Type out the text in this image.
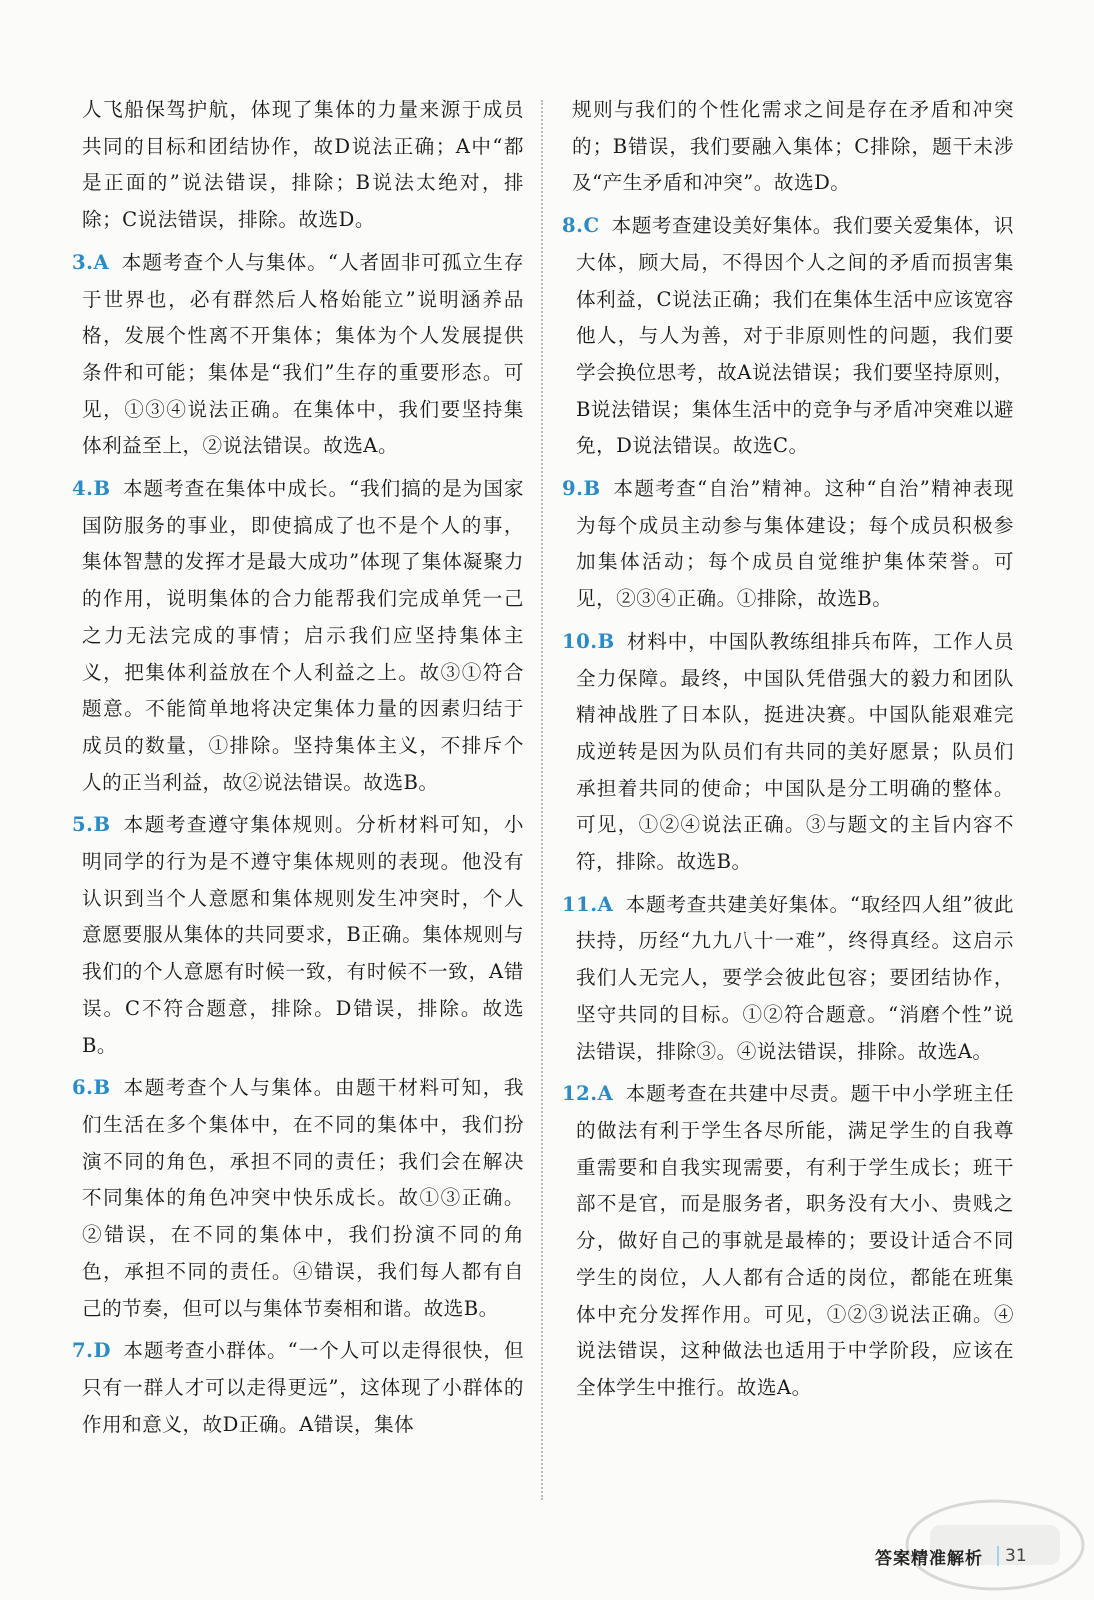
人飞船保驾护航，体现了集体的力量来源于成员共同的目标和团结协作，故D说法正确；A中“都是正面的”说法错误，排除；B说法太绝对，排除；C说法错误，排除。故选D。

3.A 本题考查个人与集体。“人者固非可孤立生存于世界也，必有群然后人格始能立”说明涵养品格，发展个性离不开集体；集体为个人发展提供条件和可能；集体是“我们”生存的重要形态。可见，①③④说法正确。在集体中，我们要坚持集体利益至上，②说法错误。故选A。

4.B 本题考查在集体中成长。“我们搞的是为国家国防服务的事业，即使搞成了也不是个人的事，集体智慧的发挥才是最大成功”体现了集体凝聚力的作用，说明集体的合力能帮我们完成单凭一己之力无法完成的事情；启示我们应坚持集体主义，把集体利益放在个人利益之上。故③①符合题意。不能简单地将决定集体力量的因素归结于成员的数量，①排除。坚持集体主义，不排斥个人的正当利益，故②说法错误。故选B。

5.B 本题考查遵守集体规则。分析材料可知，小明同学的行为是不遵守集体规则的表现。他没有认识到当个人意愿和集体规则发生冲突时，个人意愿要服从集体的共同要求，B正确。集体规则与我们的个人意愿有时候一致，有时候不一致，A错误。C不符合题意，排除。D错误，排除。故选B。

6.B 本题考查个人与集体。由题干材料可知，我们生活在多个集体中，在不同的集体中，我们扮演不同的角色，承担不同的责任；我们会在解决不同集体的角色冲突中快乐成长。故①③正确。②错误，在不同的集体中，我们扮演不同的角色，承担不同的责任。④错误，我们每人都有自己的节奏，但可以与集体节奏相和谐。故选B。

7.D 本题考查小群体。“一个人可以走得很快，但只有一群人才可以走得更远”，这体现了小群体的作用和意义，故D正确。A错误，集体

规则与我们的个性化需求之间是存在矛盾和冲突的；B错误，我们要融入集体；C排除，题干未涉及“产生矛盾和冲突”。故选D。

8.C 本题考查建设美好集体。我们要关爱集体，识大体，顾大局，不得因个人之间的矛盾而损害集体利益，C说法正确；我们在集体生活中应该宽容他人，与人为善，对于非原则性的问题，我们要学会换位思考，故A说法错误；我们要坚持原则，B说法错误；集体生活中的竞争与矛盾冲突难以避免，D说法错误。故选C。

9.B 本题考查“自治”精神。这种“自治”精神表现为每个成员主动参与集体建设；每个成员积极参加集体活动；每个成员自觉维护集体荣誉。可见，②③④正确。①排除，故选B。

10.B 材料中，中国队教练组排兵布阵，工作人员全力保障。最终，中国队凭借强大的毅力和团队精神战胜了日本队，挺进决赛。中国队能艰难完成逆转是因为队员们有共同的美好愿景；队员们承担着共同的使命；中国队是分工明确的整体。可见，①②④说法正确。③与题文的主旨内容不符，排除。故选B。

11.A 本题考查共建美好集体。“取经四人组”彼此扶持，历经“九九八十一难”，终得真经。这启示我们人无完人，要学会彼此包容；要团结协作，坚守共同的目标。①②符合题意。“消磨个性”说法错误，排除③。④说法错误，排除。故选A。

12.A 本题考查在共建中尽责。题干中小学班主任的做法有利于学生各尽所能，满足学生的自我尊重需要和自我实现需要，有利于学生成长；班干部不是官，而是服务者，职务没有大小、贵贱之分，做好自己的事就是最棒的；要设计适合不同学生的岗位，人人都有合适的岗位，都能在班集体中充分发挥作用。可见，①②③说法正确。④说法错误，这种做法也适用于中学阶段，应该在全体学生中推行。故选A。

答案精准解析	31
